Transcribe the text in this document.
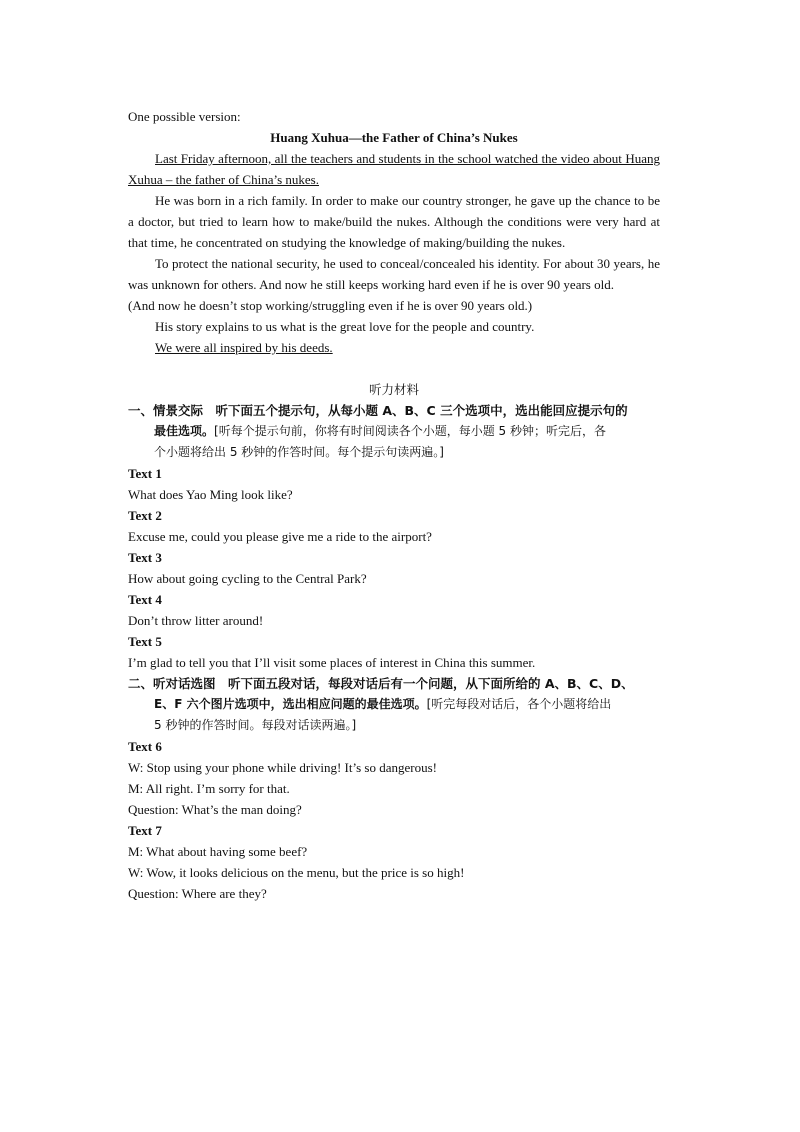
One possible version:
Huang Xuhua—the Father of China’s Nukes

Last Friday afternoon, all the teachers and students in the school watched the video about Huang Xuhua – the father of China’s nukes.

He was born in a rich family. In order to make our country stronger, he gave up the chance to be a doctor, but tried to learn how to make/build the nukes. Although the conditions were very hard at that time, he concentrated on studying the knowledge of making/building the nukes.

To protect the national security, he used to conceal/concealed his identity. For about 30 years, he was unknown for others. And now he still keeps working hard even if he is over 90 years old.

(And now he doesn’t stop working/struggling even if he is over 90 years old.)

His story explains to us what is the great love for the people and country.

We were all inspired by his deeds.

听力材料
一、情景交际　听下面五个提示句，从每小题 A、B、C 三个选项中，选出能回应提示句的
最佳选项。[听每个提示句前，你将有时间阅读各个小题，每小题 5 秒钟；听完后，各
个小题将给出 5 秒钟的作答时间。每个提示句读两遍。]
Text 1
What does Yao Ming look like?
Text 2
Excuse me, could you please give me a ride to the airport?
Text 3
How about going cycling to the Central Park?
Text 4
Don’t throw litter around!
Text 5
I’m glad to tell you that I’ll visit some places of interest in China this summer.
二、听对话选图　听下面五段对话，每段对话后有一个问题，从下面所给的 A、B、C、D、
E、F 六个图片选项中，选出相应问题的最佳选项。[听完每段对话后，各个小题将给出
5 秒钟的作答时间。每段对话读两遍。]
Text 6
W: Stop using your phone while driving! It’s so dangerous!
M: All right. I’m sorry for that.
Question: What’s the man doing?
Text 7
M: What about having some beef?
W: Wow, it looks delicious on the menu, but the price is so high!
Question: Where are they?
